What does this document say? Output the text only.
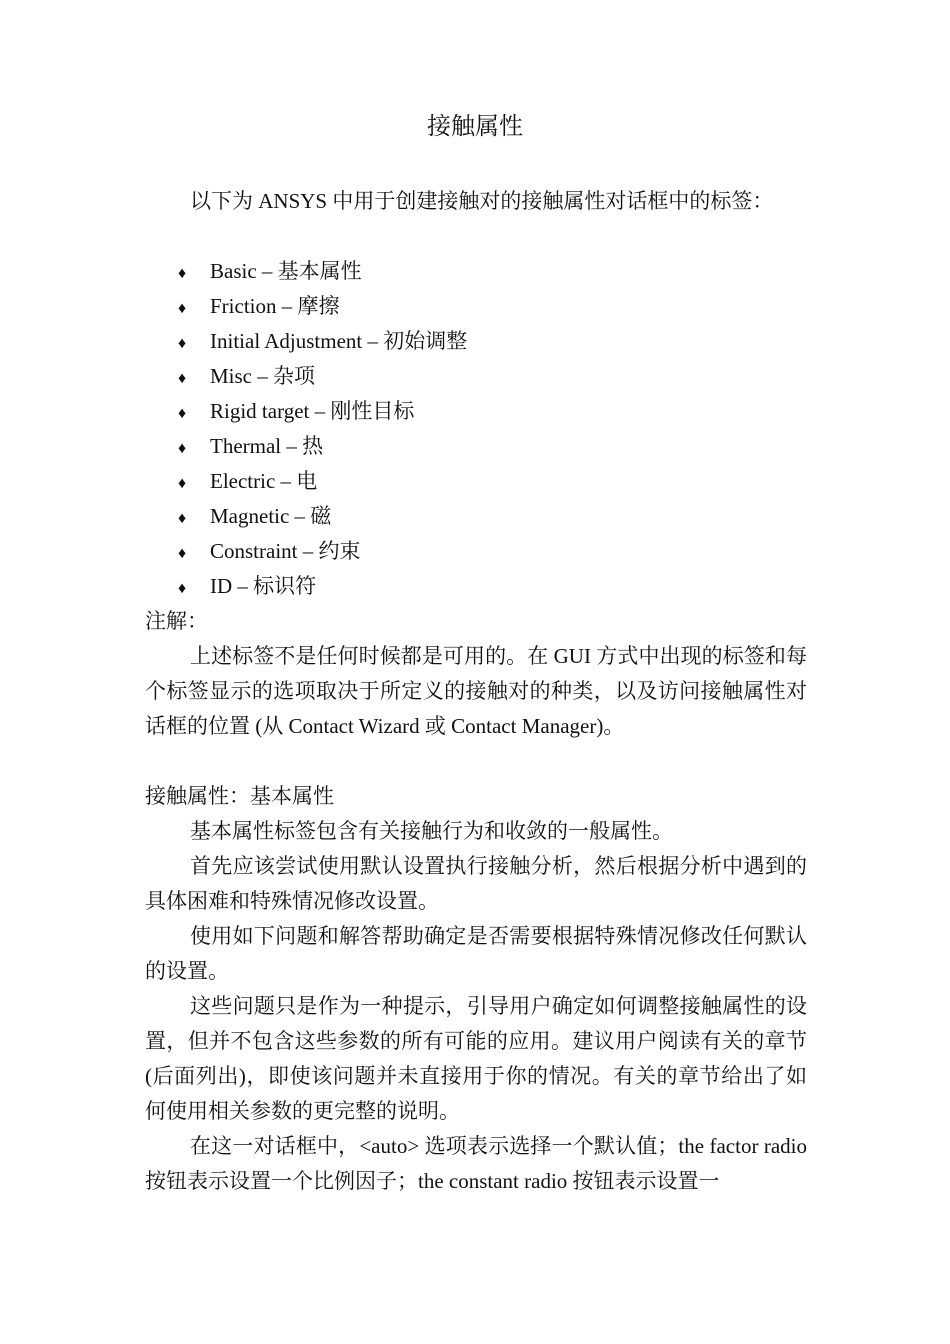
接触属性

以下为 ANSYS 中用于创建接触对的接触属性对话框中的标签：

♦ Basic – 基本属性
♦ Friction – 摩擦
♦ Initial Adjustment – 初始调整
♦ Misc – 杂项
♦ Rigid target – 刚性目标
♦ Thermal – 热
♦ Electric – 电
♦ Magnetic – 磁
♦ Constraint – 约束
♦ ID – 标识符

注解：

上述标签不是任何时候都是可用的。在 GUI 方式中出现的标签和每个标签显示的选项取决于所定义的接触对的种类，以及访问接触属性对话框的位置 (从 Contact Wizard 或 Contact Manager)。

接触属性：基本属性

基本属性标签包含有关接触行为和收敛的一般属性。

首先应该尝试使用默认设置执行接触分析，然后根据分析中遇到的具体困难和特殊情况修改设置。

使用如下问题和解答帮助确定是否需要根据特殊情况修改任何默认的设置。

这些问题只是作为一种提示，引导用户确定如何调整接触属性的设置，但并不包含这些参数的所有可能的应用。建议用户阅读有关的章节 (后面列出)，即使该问题并未直接用于你的情况。有关的章节给出了如何使用相关参数的更完整的说明。

在这一对话框中，<auto> 选项表示选择一个默认值；the factor radio 按钮表示设置一个比例因子；the constant radio 按钮表示设置一
